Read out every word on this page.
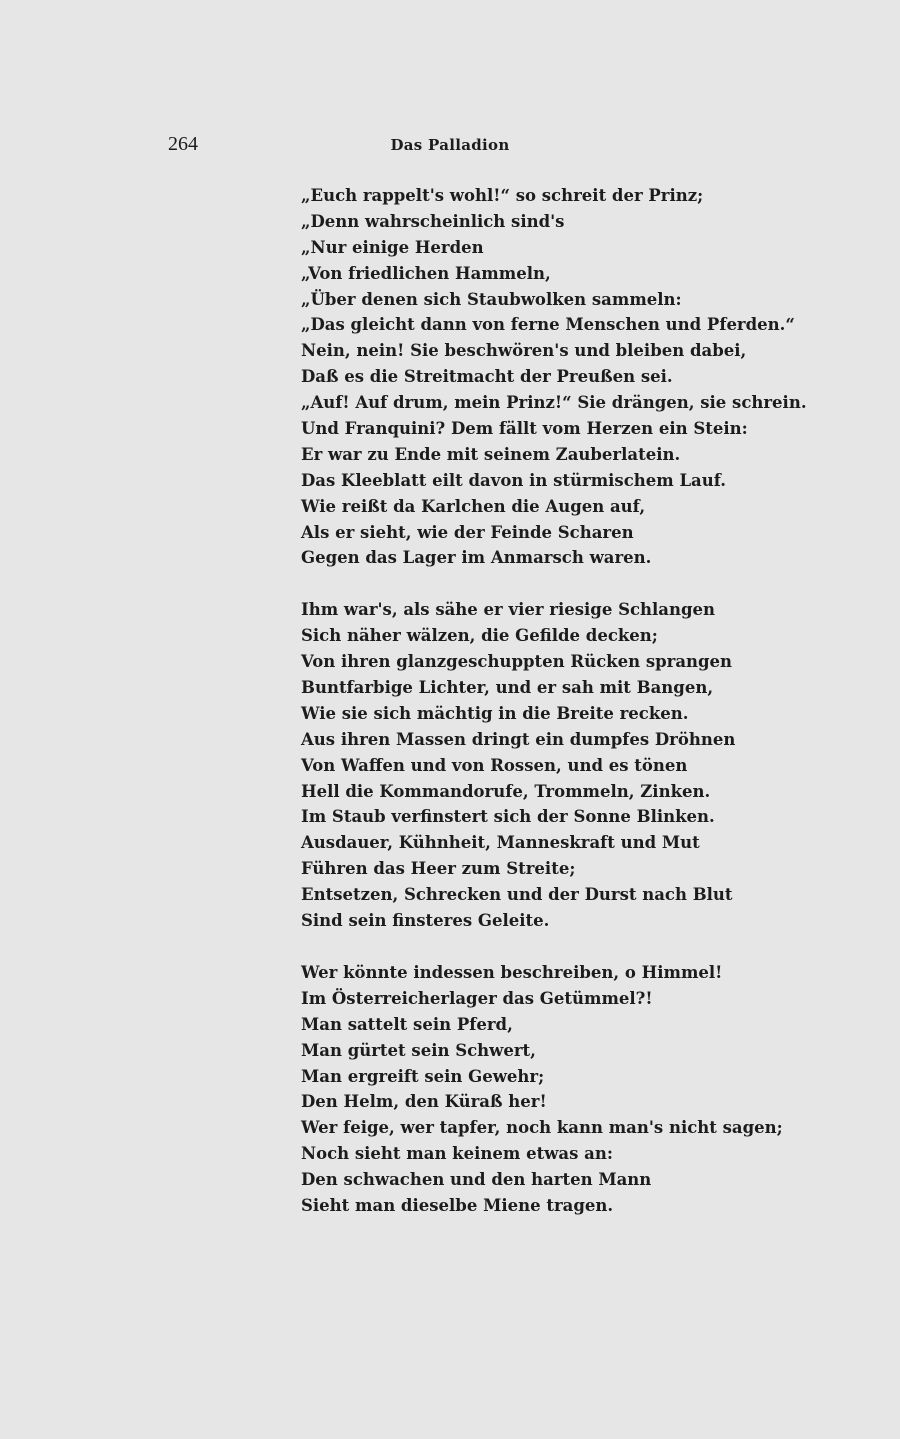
264	Das Palladion
„Euch rappelt's wohl!“ so schreit der Prinz;
„Denn wahrscheinlich sind's
„Nur einige Herden
„Von friedlichen Hammeln,
„Über denen sich Staubwolken sammeln:
„Das gleicht dann von ferne Menschen und Pferden.“
Nein, nein! Sie beschwören's und bleiben dabei,
Daß es die Streitmacht der Preußen sei.
„Auf! Auf drum, mein Prinz!“ Sie drängen, sie schrein.
Und Franquini? Dem fällt vom Herzen ein Stein:
Er war zu Ende mit seinem Zauberlatein.
Das Kleeblatt eilt davon in stürmischem Lauf.
Wie reißt da Karlchen die Augen auf,
Als er sieht, wie der Feinde Scharen
Gegen das Lager im Anmarsch waren.
Ihm war's, als sähe er vier riesige Schlangen
Sich näher wälzen, die Gefilde decken;
Von ihren glanzgeschuppten Rücken sprangen
Buntfarbige Lichter, und er sah mit Bangen,
Wie sie sich mächtig in die Breite recken.
Aus ihren Massen dringt ein dumpfes Dröhnen
Von Waffen und von Rossen, und es tönen
Hell die Kommandorufe, Trommeln, Zinken.
Im Staub verfinstert sich der Sonne Blinken.
Ausdauer, Kühnheit, Manneskraft und Mut
Führen das Heer zum Streite;
Entsetzen, Schrecken und der Durst nach Blut
Sind sein finsteres Geleite.
Wer könnte indessen beschreiben, o Himmel!
Im Österreicherlager das Getümmel?!
Man sattelt sein Pferd,
Man gürtet sein Schwert,
Man ergreift sein Gewehr;
Den Helm, den Küraß her!
Wer feige, wer tapfer, noch kann man's nicht sagen;
Noch sieht man keinem etwas an:
Den schwachen und den harten Mann
Sieht man dieselbe Miene tragen.
